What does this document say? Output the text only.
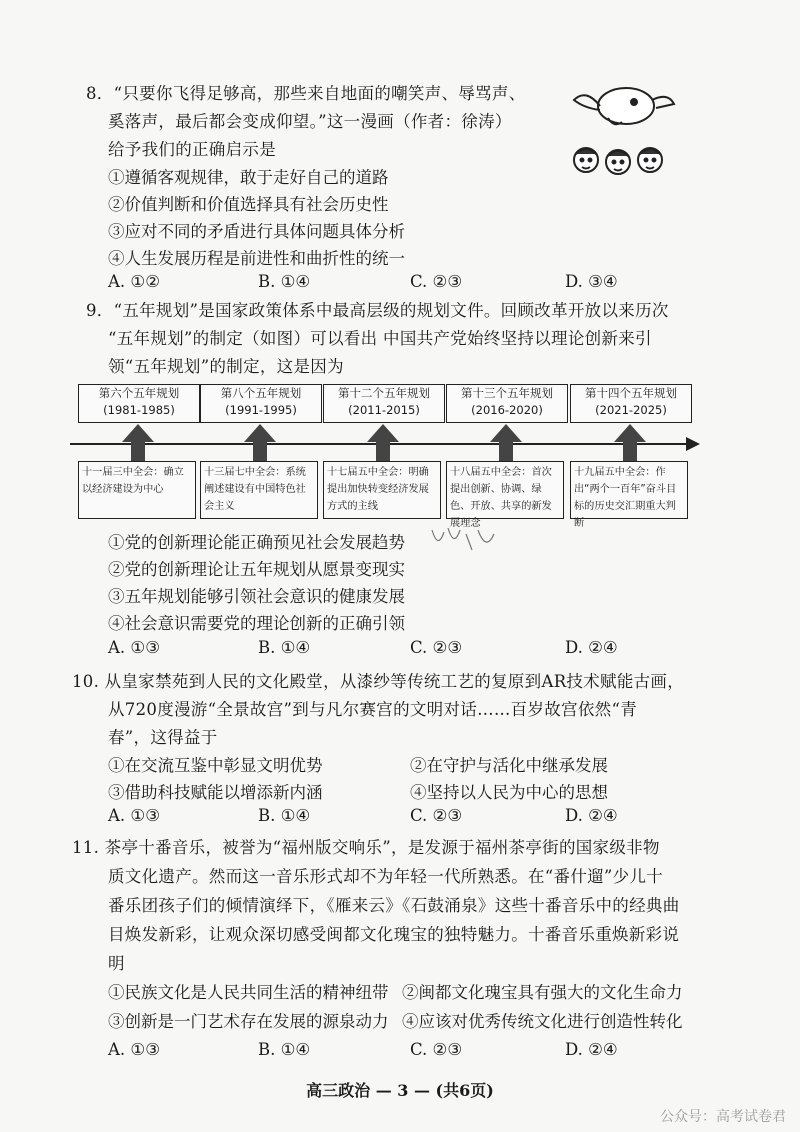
8．“只要你飞得足够高，那些来自地面的嘲笑声、辱骂声、
奚落声，最后都会变成仰望。”这一漫画（作者：徐涛）
给予我们的正确启示是
①遵循客观规律，敢于走好自己的道路
②价值判断和价值选择具有社会历史性
③应对不同的矛盾进行具体问题具体分析
④人生发展历程是前进性和曲折性的统一
A. ①②	B. ①④	C. ②③	D. ③④
9．“五年规划”是国家政策体系中最高层级的规划文件。回顾改革开放以来历次
“五年规划”的制定（如图）可以看出 中国共产党始终坚持以理论创新来引
领“五年规划”的制定，这是因为
第六个五年规划
(1981-1985)
第八个五年规划
(1991-1995)
第十二个五年规划
(2011-2015)
第十三个五年规划
(2016-2020)
第十四个五年规划
(2021-2025)
十一届三中全会：确立以经济建设为中心
十三届七中全会：系统阐述建设有中国特色社会主义
十七届五中全会：明确提出加快转变经济发展方式的主线
十八届五中全会：首次提出创新、协调、绿色、开放、共享的新发展理念
十九届五中全会：作出“两个一百年”奋斗目标的历史交汇期重大判断
①党的创新理论能正确预见社会发展趋势
②党的创新理论让五年规划从愿景变现实
③五年规划能够引领社会意识的健康发展
④社会意识需要党的理论创新的正确引领
A. ①③	B. ①④	C. ②③	D. ②④
10. 从皇家禁苑到人民的文化殿堂，从漆纱等传统工艺的复原到AR技术赋能古画，
从720度漫游“全景故宫”到与凡尔赛宫的文明对话……百岁故宫依然“青
春”，这得益于
①在交流互鉴中彰显文明优势	②在守护与活化中继承发展
③借助科技赋能以增添新内涵	④坚持以人民为中心的思想
A. ①③	B. ①④	C. ②③	D. ②④
11. 茶亭十番音乐，被誉为“福州版交响乐”，是发源于福州茶亭街的国家级非物
质文化遗产。然而这一音乐形式却不为年轻一代所熟悉。在“番什遛”少儿十
番乐团孩子们的倾情演绎下，《雁来云》《石鼓涌泉》这些十番音乐中的经典曲
目焕发新彩，让观众深切感受闽都文化瑰宝的独特魅力。十番音乐重焕新彩说
明
①民族文化是人民共同生活的精神纽带 ②闽都文化瑰宝具有强大的文化生命力
③创新是一门艺术存在发展的源泉动力 ④应该对优秀传统文化进行创造性转化
A. ①③	B. ①④	C. ②③	D. ②④
高三政治 — 3 — (共6页)
公众号：高考试卷君
